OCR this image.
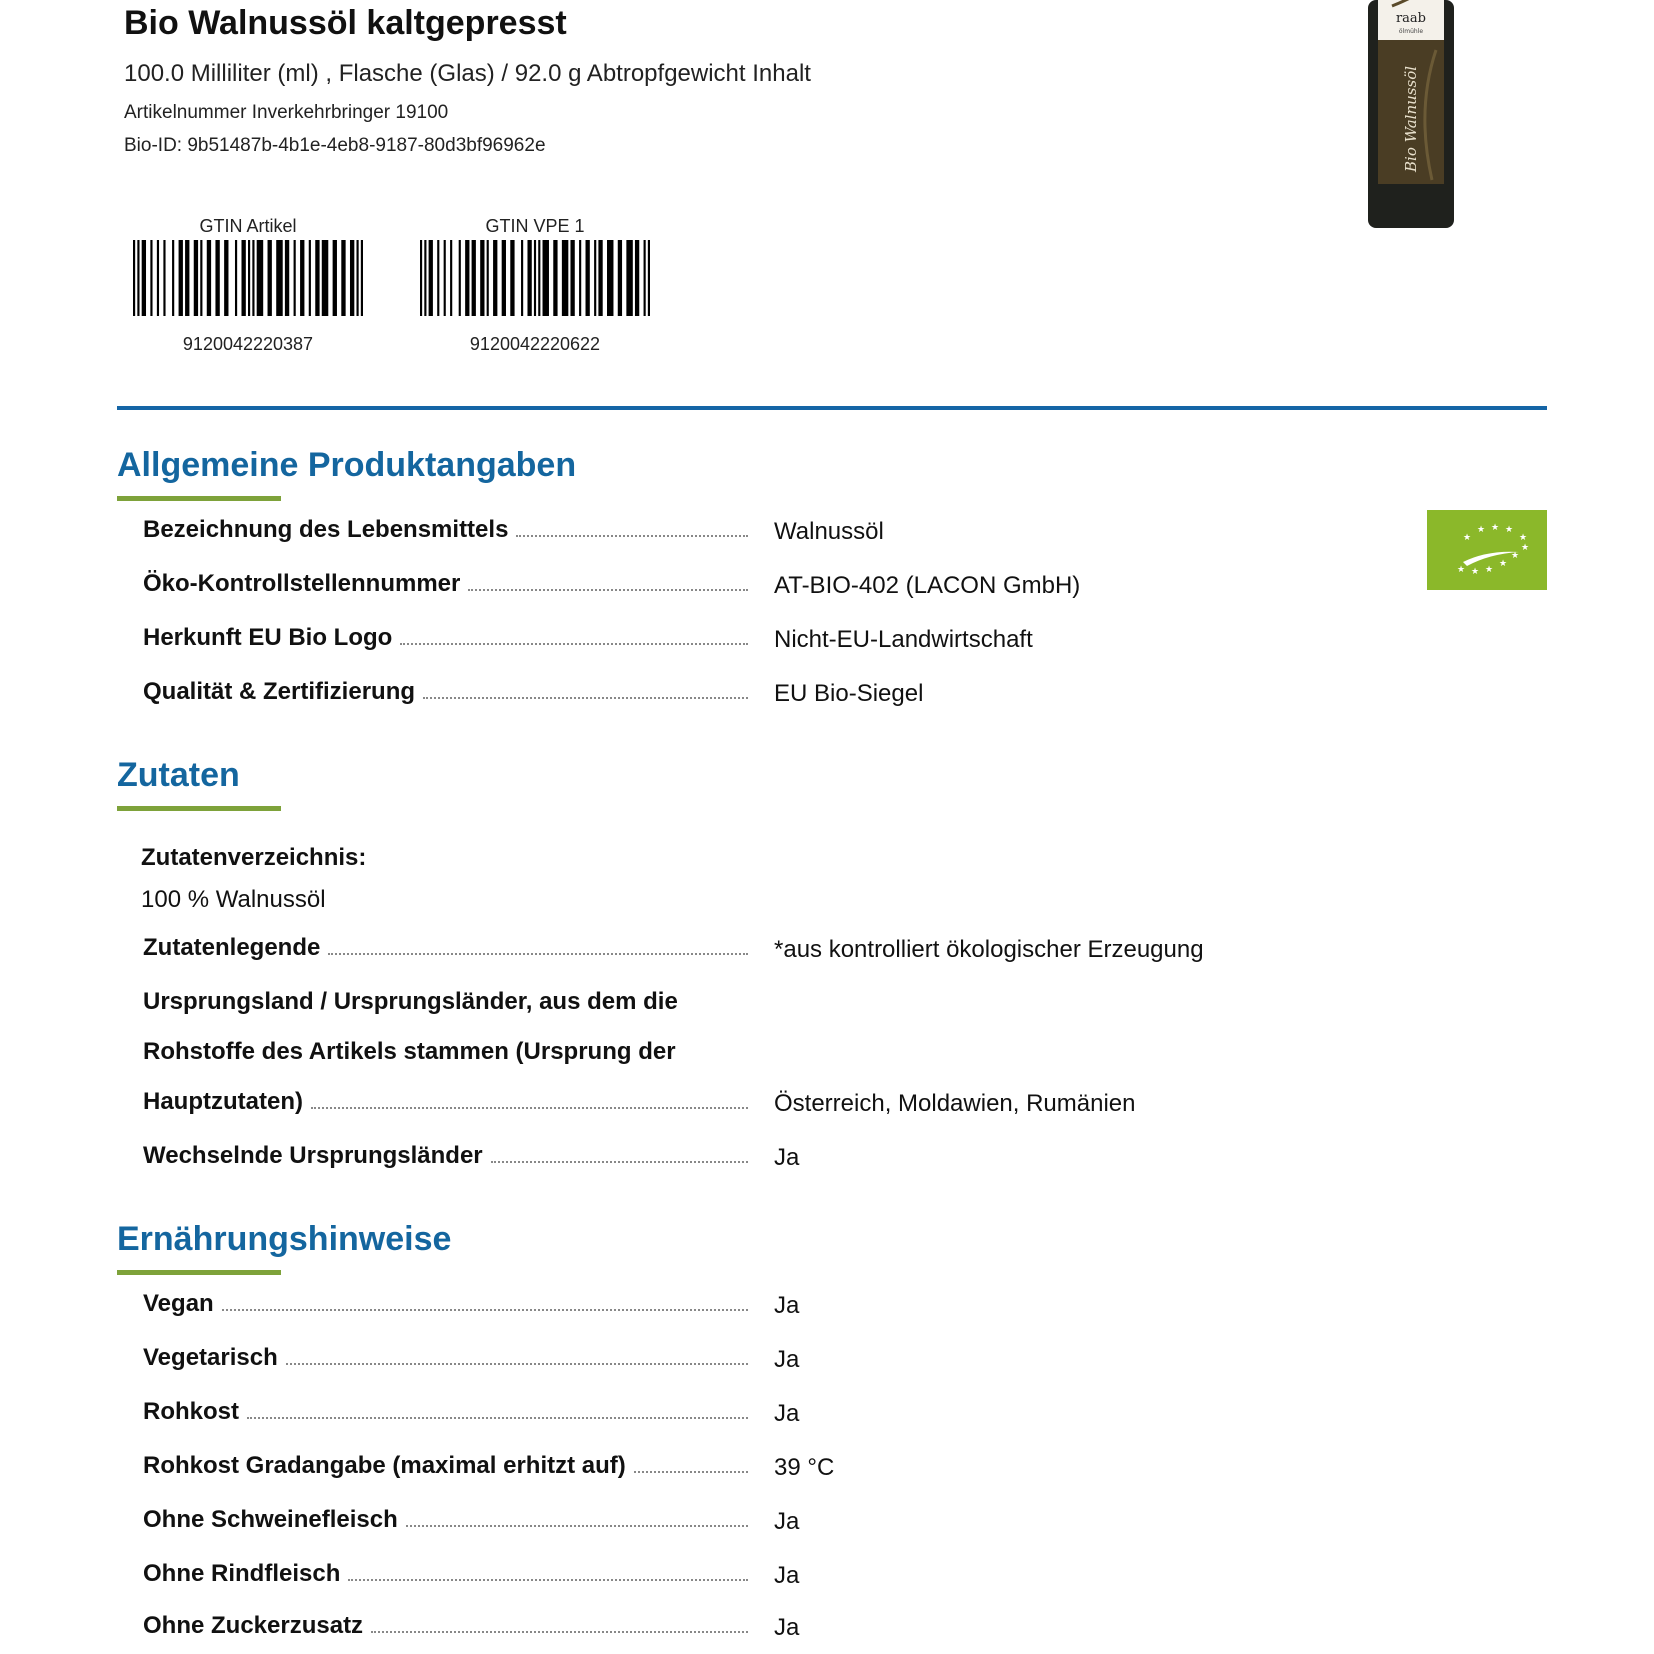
Bio Walnussöl kaltgepresst
100.0 Milliliter (ml) , Flasche (Glas) / 92.0 g Abtropfgewicht Inhalt
Artikelnummer Inverkehrbringer 19100
Bio-ID: 9b51487b-4b1e-4eb8-9187-80d3bf96962e
GTIN Artikel
9120042220387
GTIN VPE 1
9120042220622
raab
ölmühle
Bio Walnussöl
★
★ ★ ★
★
★ ★ ★
★
★
★
Allgemeine Produktangaben
Bezeichnung des Lebensmittels	Walnussöl
Öko-Kontrollstellennummer	AT-BIO-402 (LACON GmbH)
Herkunft EU Bio Logo	Nicht-EU-Landwirtschaft
Qualität & Zertifizierung	EU Bio-Siegel
Zutaten
Zutatenverzeichnis:
100 % Walnussöl
Zutatenlegende	*aus kontrolliert ökologischer Erzeugung
Ursprungsland / Ursprungsländer, aus dem die
Rohstoffe des Artikels stammen (Ursprung der
Hauptzutaten)	Österreich, Moldawien, Rumänien
Wechselnde Ursprungsländer	Ja
Ernährungshinweise
Vegan	Ja
Vegetarisch	Ja
Rohkost	Ja
Rohkost Gradangabe (maximal erhitzt auf)	39 °C
Ohne Schweinefleisch	Ja
Ohne Rindfleisch	Ja
Ohne Zuckerzusatz	Ja
